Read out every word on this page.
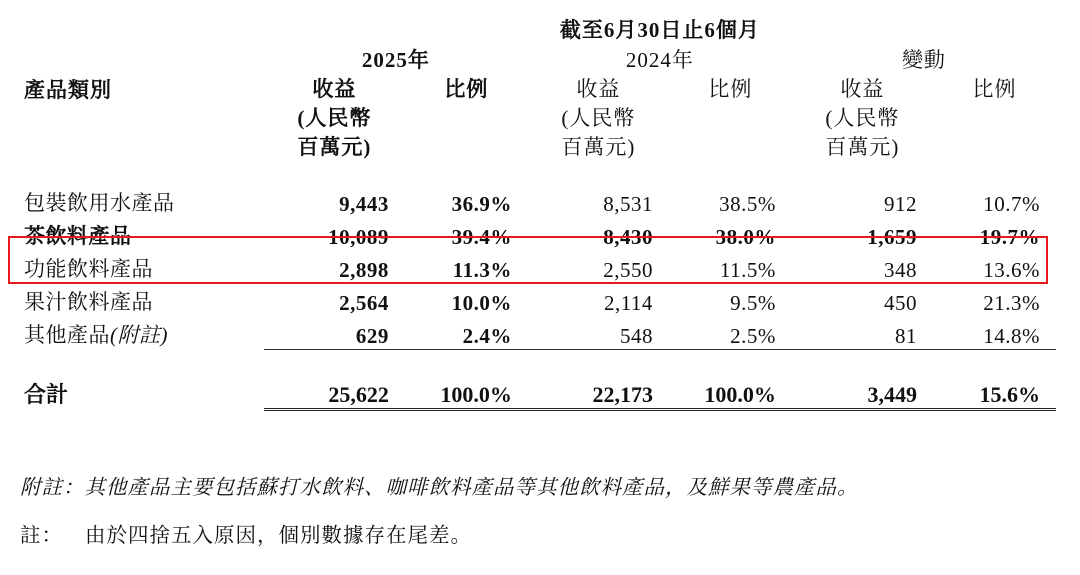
	截至6月30日止6個月					
	2025年		2024年		變動	
產品類別	收益	比例	收益	比例	收益	比例
	(人民幣		(人民幣		(人民幣	
	百萬元)		百萬元)		百萬元)	

包裝飲用水產品	9,443	36.9%	8,531	38.5%	912	10.7%
茶飲料產品	10,089	39.4%	8,430	38.0%	1,659	19.7%
功能飲料產品	2,898	11.3%	2,550	11.5%	348	13.6%
果汁飲料產品	2,564	10.0%	2,114	9.5%	450	21.3%
其他產品(附註)	629	2.4%	548	2.5%	81	14.8%

合計	25,622	100.0%	22,173	100.0%	3,449	15.6%
附註：其他產品主要包括蘇打水飲料、咖啡飲料產品等其他飲料產品，及鮮果等農產品。
註： 由於四捨五入原因，個別數據存在尾差。
